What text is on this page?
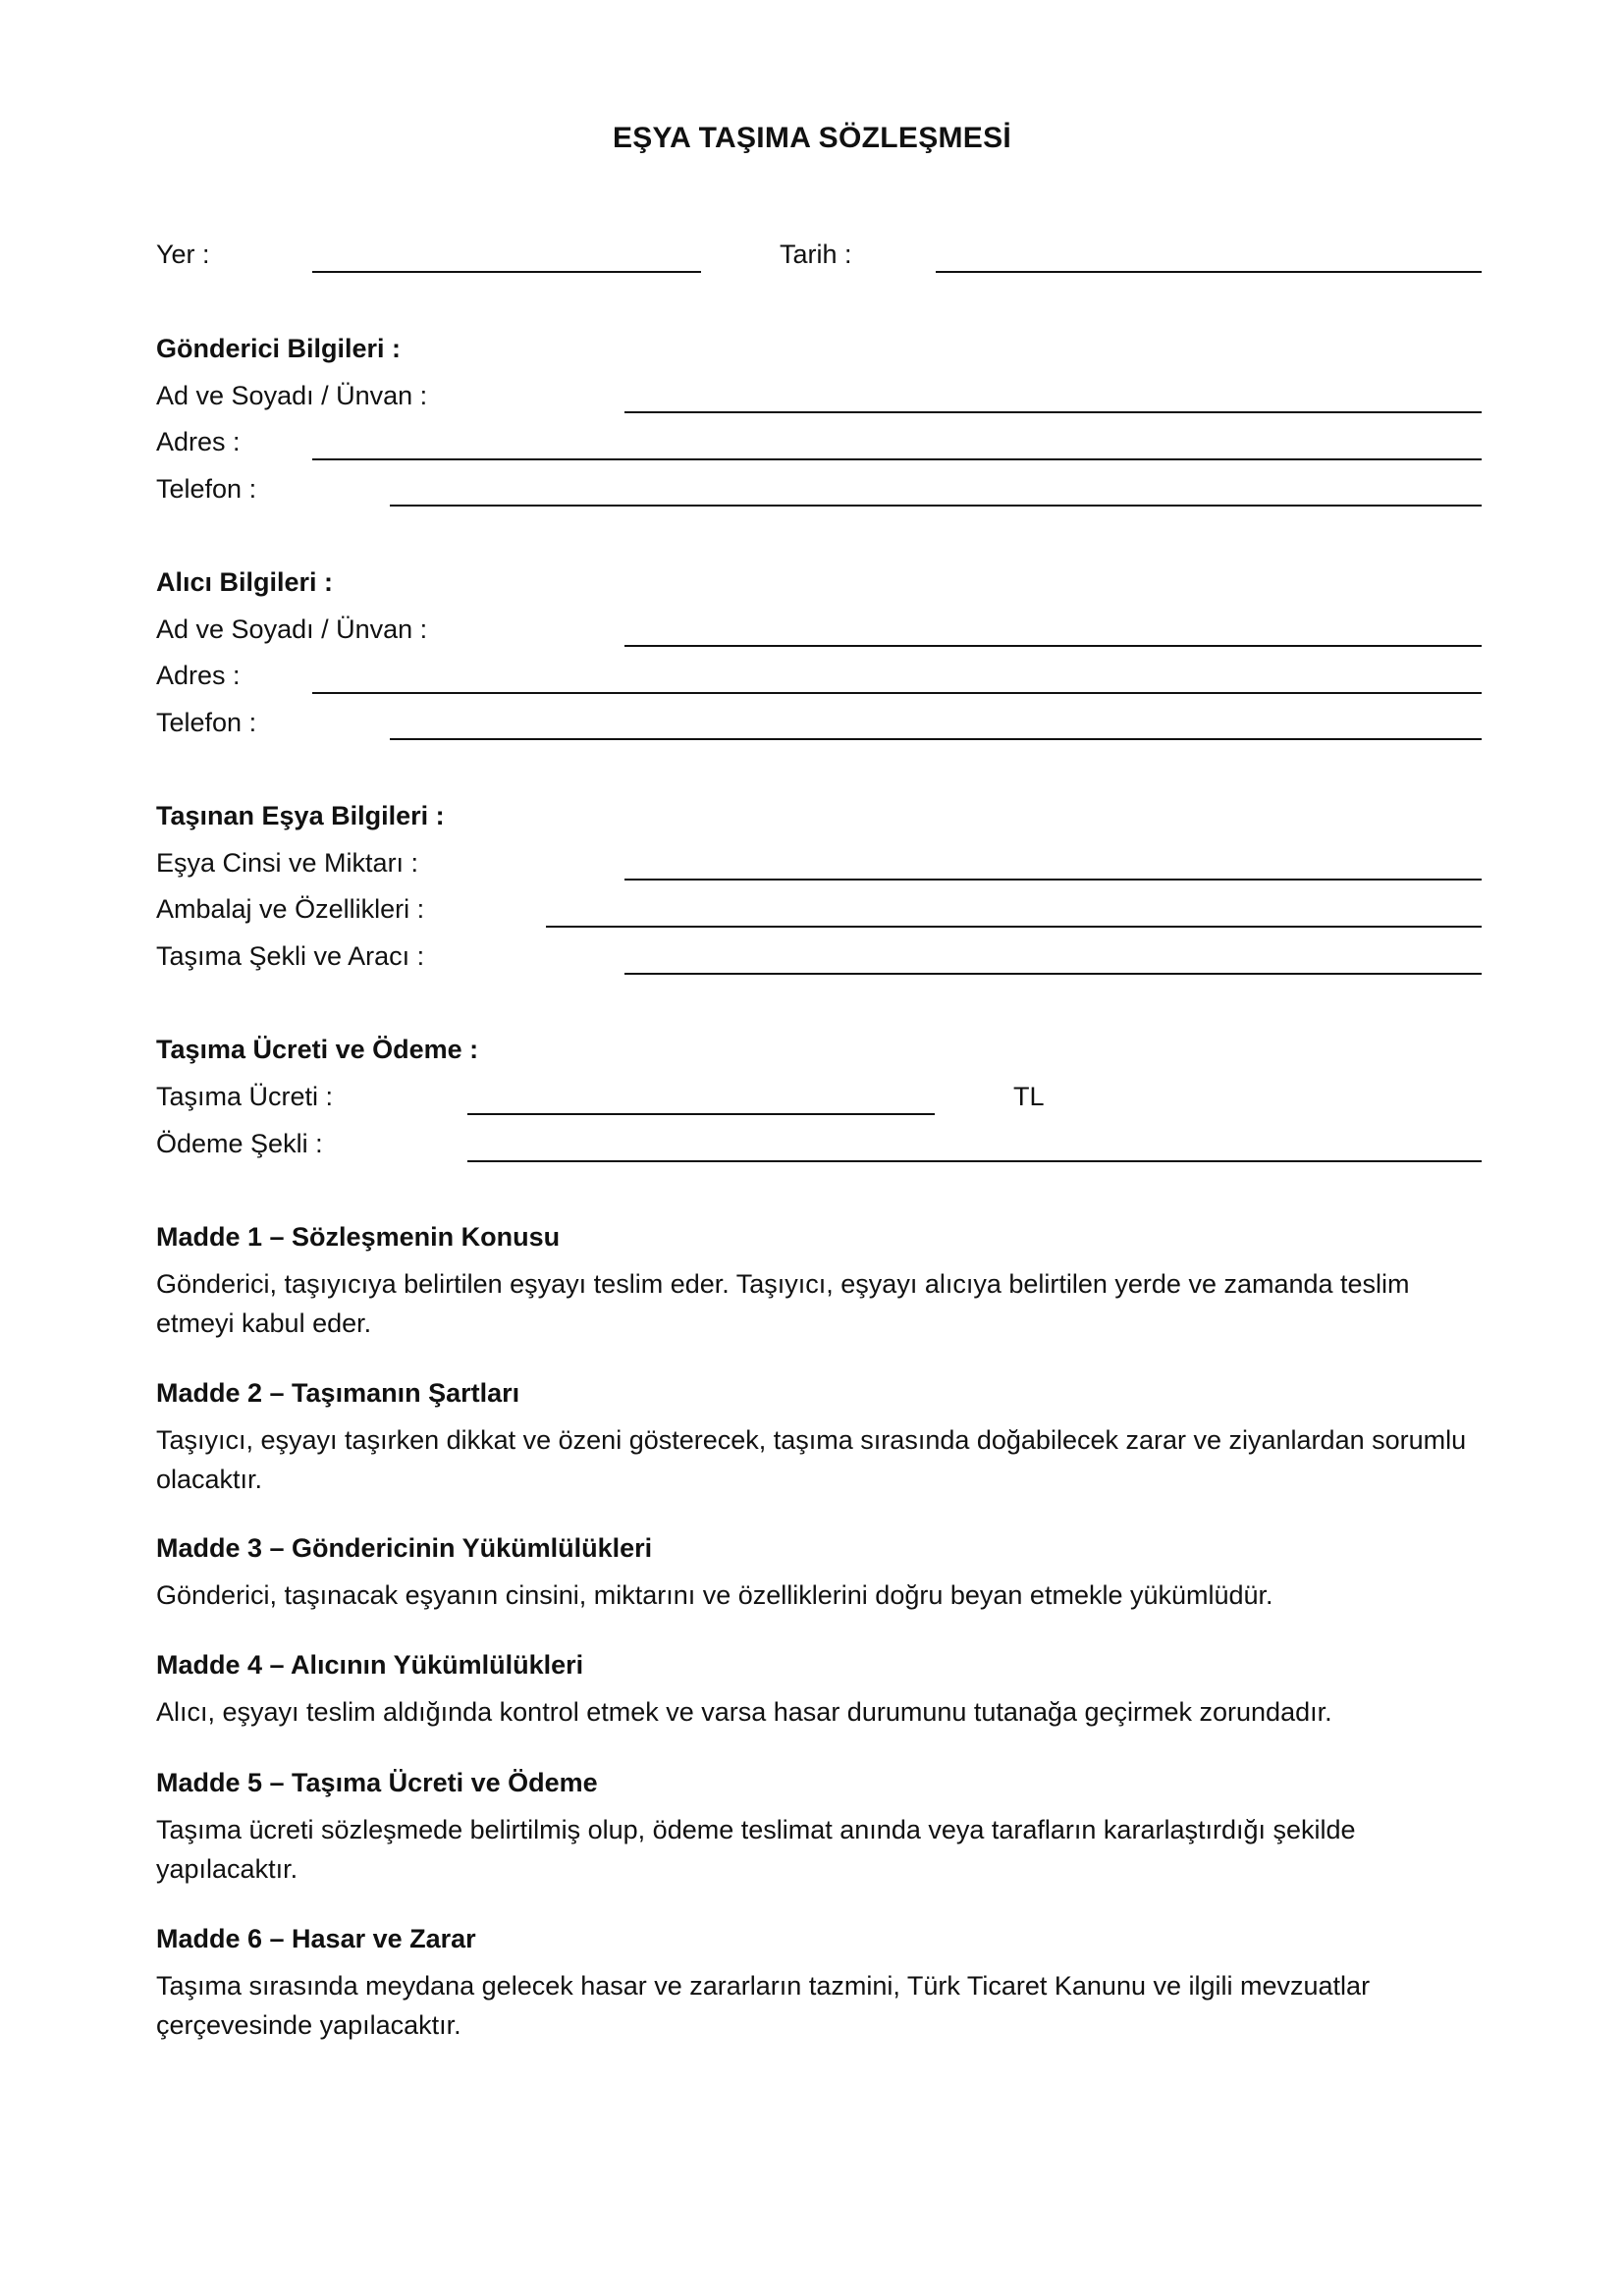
EŞYA TAŞIMA SÖZLEŞMESİ
Yer :	Tarih :
Gönderici Bilgileri :
Ad ve Soyadı / Ünvan :
Adres :
Telefon :
Alıcı Bilgileri :
Ad ve Soyadı / Ünvan :
Adres :
Telefon :
Taşınan Eşya Bilgileri :
Eşya Cinsi ve Miktarı :
Ambalaj ve Özellikleri :
Taşıma Şekli ve Aracı :
Taşıma Ücreti ve Ödeme :
Taşıma Ücreti :	TL
Ödeme Şekli :
Madde 1 – Sözleşmenin Konusu
Gönderici, taşıyıcıya belirtilen eşyayı teslim eder. Taşıyıcı, eşyayı alıcıya belirtilen yerde ve zamanda teslim etmeyi kabul eder.
Madde 2 – Taşımanın Şartları
Taşıyıcı, eşyayı taşırken dikkat ve özeni gösterecek, taşıma sırasında doğabilecek zarar ve ziyanlardan sorumlu olacaktır.
Madde 3 – Göndericinin Yükümlülükleri
Gönderici, taşınacak eşyanın cinsini, miktarını ve özelliklerini doğru beyan etmekle yükümlüdür.
Madde 4 – Alıcının Yükümlülükleri
Alıcı, eşyayı teslim aldığında kontrol etmek ve varsa hasar durumunu tutanağa geçirmek zorundadır.
Madde 5 – Taşıma Ücreti ve Ödeme
Taşıma ücreti sözleşmede belirtilmiş olup, ödeme teslimat anında veya tarafların kararlaştırdığı şekilde yapılacaktır.
Madde 6 – Hasar ve Zarar
Taşıma sırasında meydana gelecek hasar ve zararların tazmini, Türk Ticaret Kanunu ve ilgili mevzuatlar çerçevesinde yapılacaktır.
